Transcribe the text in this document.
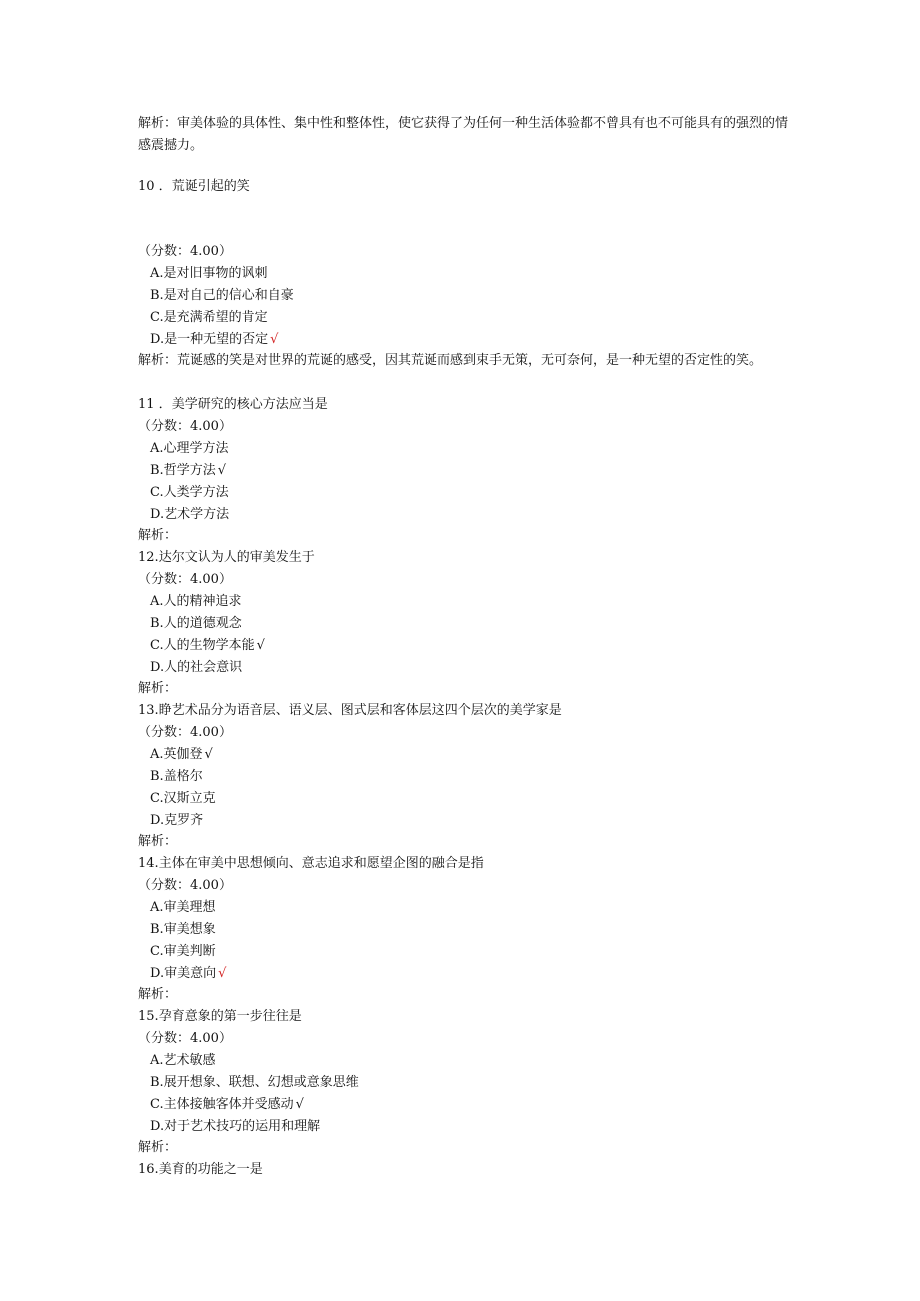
解析：审美体验的具体性、集中性和整体性，使它获得了为任何一种生活体验都不曾具有也不可能具有的强烈的情感震撼力。
10 ．荒诞引起的笑
（分数：4.00）
A.是对旧事物的讽刺
B.是对自己的信心和自豪
C.是充满希望的肯定
D.是一种无望的否定 √
解析：荒诞感的笑是对世界的荒诞的感受，因其荒诞而感到束手无策，无可奈何，是一种无望的否定性的笑。
11 ．美学研究的核心方法应当是
（分数：4.00）
A.心理学方法
B.哲学方法 √
C.人类学方法
D.艺术学方法
解析：
12.达尔文认为人的审美发生于
（分数：4.00）
A.人的精神追求
B.人的道德观念
C.人的生物学本能 √
D.人的社会意识
解析：
13.睁艺术品分为语音层、语义层、图式层和客体层这四个层次的美学家是
（分数：4.00）
A.英伽登 √
B.盖格尔
C.汉斯立克
D.克罗齐
解析：
14.主体在审美中思想倾向、意志追求和愿望企图的融合是指
（分数：4.00）
A.审美理想
B.审美想象
C.审美判断
D.审美意向 √
解析：
15.孕育意象的第一步往往是
（分数：4.00）
A.艺术敏感
B.展开想象、联想、幻想或意象思维
C.主体接触客体并受感动 √
D.对于艺术技巧的运用和理解
解析：
16.美育的功能之一是
